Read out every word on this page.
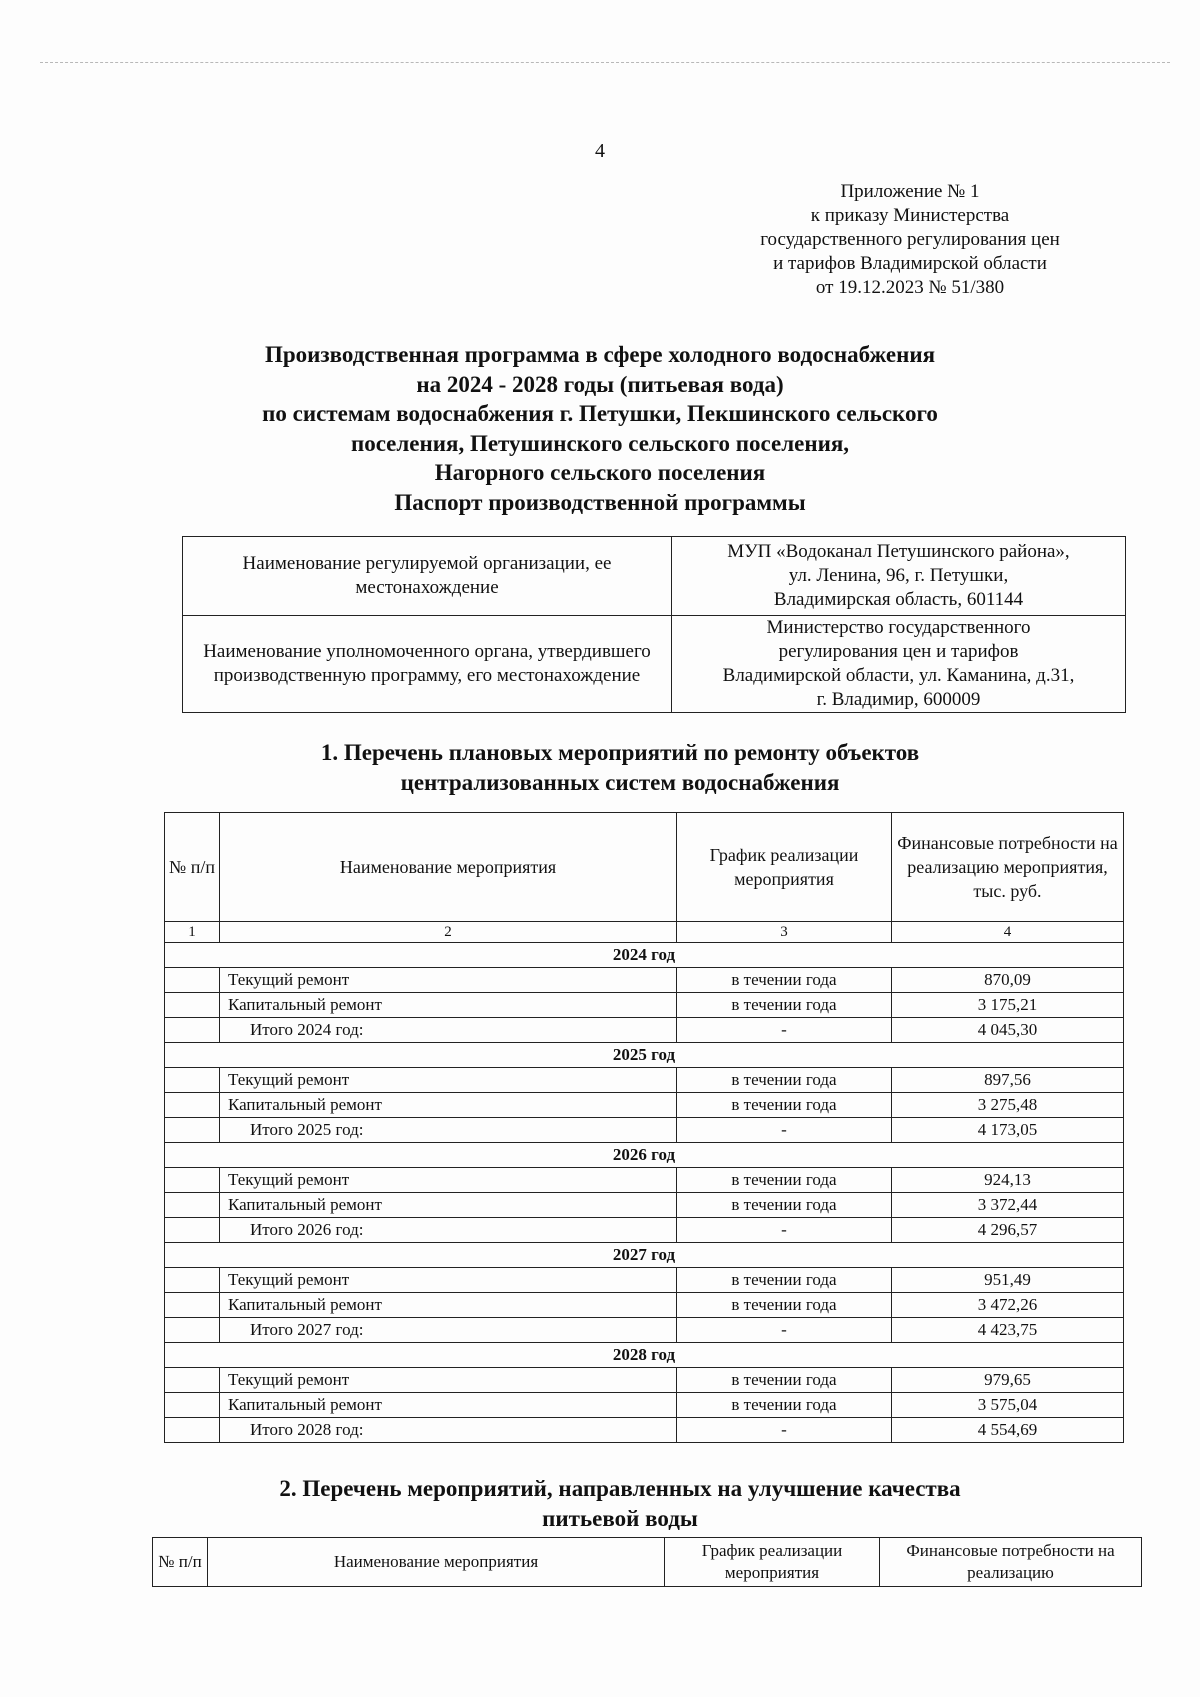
4
Приложение № 1
к приказу Министерства
государственного регулирования цен
и тарифов Владимирской области
от 19.12.2023 № 51/380
Производственная программа в сфере холодного водоснабжения
на 2024 - 2028 годы (питьевая вода)
по системам водоснабжения г. Петушки, Пекшинского сельского
поселения, Петушинского сельского поселения,
Нагорного сельского поселения
Паспорт производственной программы
Наименование регулируемой организации, ее местонахождение	МУП «Водоканал Петушинского района»,
ул. Ленина, 96, г. Петушки,
Владимирская область, 601144

Наименование уполномоченного органа, утвердившего производственную программу, его местонахождение	Министерство государственного
регулирования цен и тарифов
Владимирской области, ул. Каманина, д.31,
г. Владимир, 600009
1. Перечень плановых мероприятий по ремонту объектов
централизованных систем водоснабжения
№ п/п	Наименование мероприятия	График реализации мероприятия	Финансовые потребности на реализацию мероприятия, тыс. руб.
1	2	3	4
2024 год			
	Текущий ремонт	в течении года	870,09
	Капитальный ремонт	в течении года	3 175,21
	Итого 2024 год:	-	4 045,30
2025 год			
	Текущий ремонт	в течении года	897,56
	Капитальный ремонт	в течении года	3 275,48
	Итого 2025 год:	-	4 173,05
2026 год			
	Текущий ремонт	в течении года	924,13
	Капитальный ремонт	в течении года	3 372,44
	Итого 2026 год:	-	4 296,57
2027 год			
	Текущий ремонт	в течении года	951,49
	Капитальный ремонт	в течении года	3 472,26
	Итого 2027 год:	-	4 423,75
2028 год			
	Текущий ремонт	в течении года	979,65
	Капитальный ремонт	в течении года	3 575,04
	Итого 2028 год:	-	4 554,69
2. Перечень мероприятий, направленных на улучшение качества
питьевой воды
№ п/п	Наименование мероприятия	График реализации мероприятия	Финансовые потребности на реализацию
